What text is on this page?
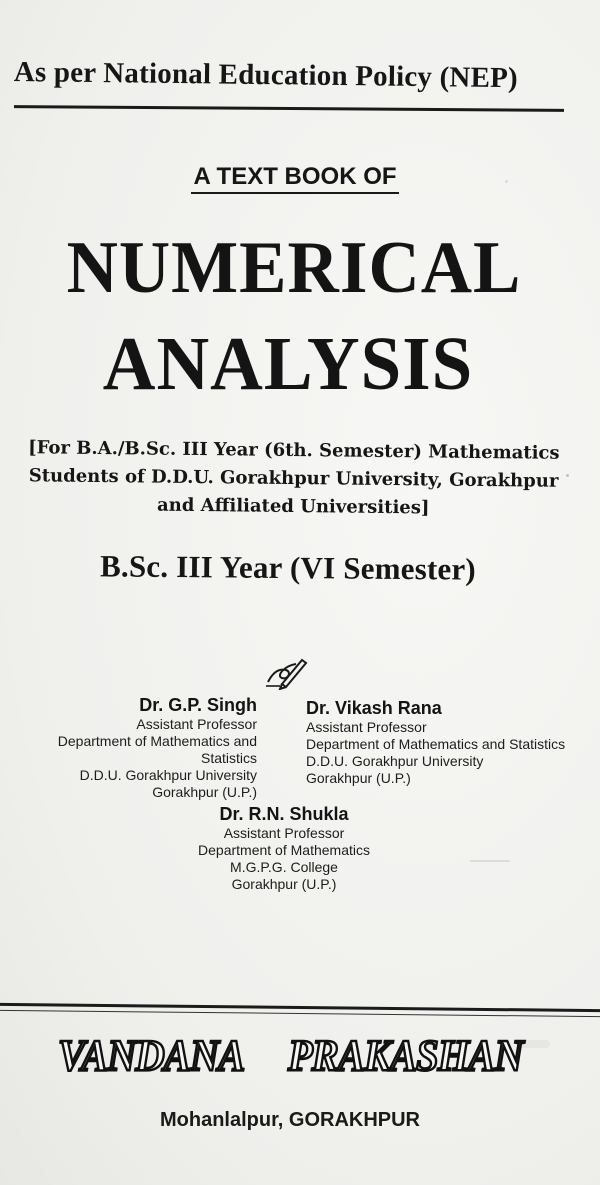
As per National Education Policy (NEP)
A TEXT BOOK OF
NUMERICAL
ANALYSIS
[For B.A./B.Sc. III Year (6th. Semester) Mathematics
Students of D.D.U. Gorakhpur University, Gorakhpur
and Affiliated Universities]
B.Sc. III Year (VI Semester)
Dr. G.P. Singh
Assistant Professor
Department of Mathematics and Statistics
D.D.U. Gorakhpur University
Gorakhpur (U.P.)
Dr. Vikash Rana
Assistant Professor
Department of Mathematics and Statistics
D.D.U. Gorakhpur University
Gorakhpur (U.P.)
Dr. R.N. Shukla
Assistant Professor
Department of Mathematics
M.G.P.G. College
Gorakhpur (U.P.)
VANDANA PRAKASHAN
Mohanlalpur, GORAKHPUR
